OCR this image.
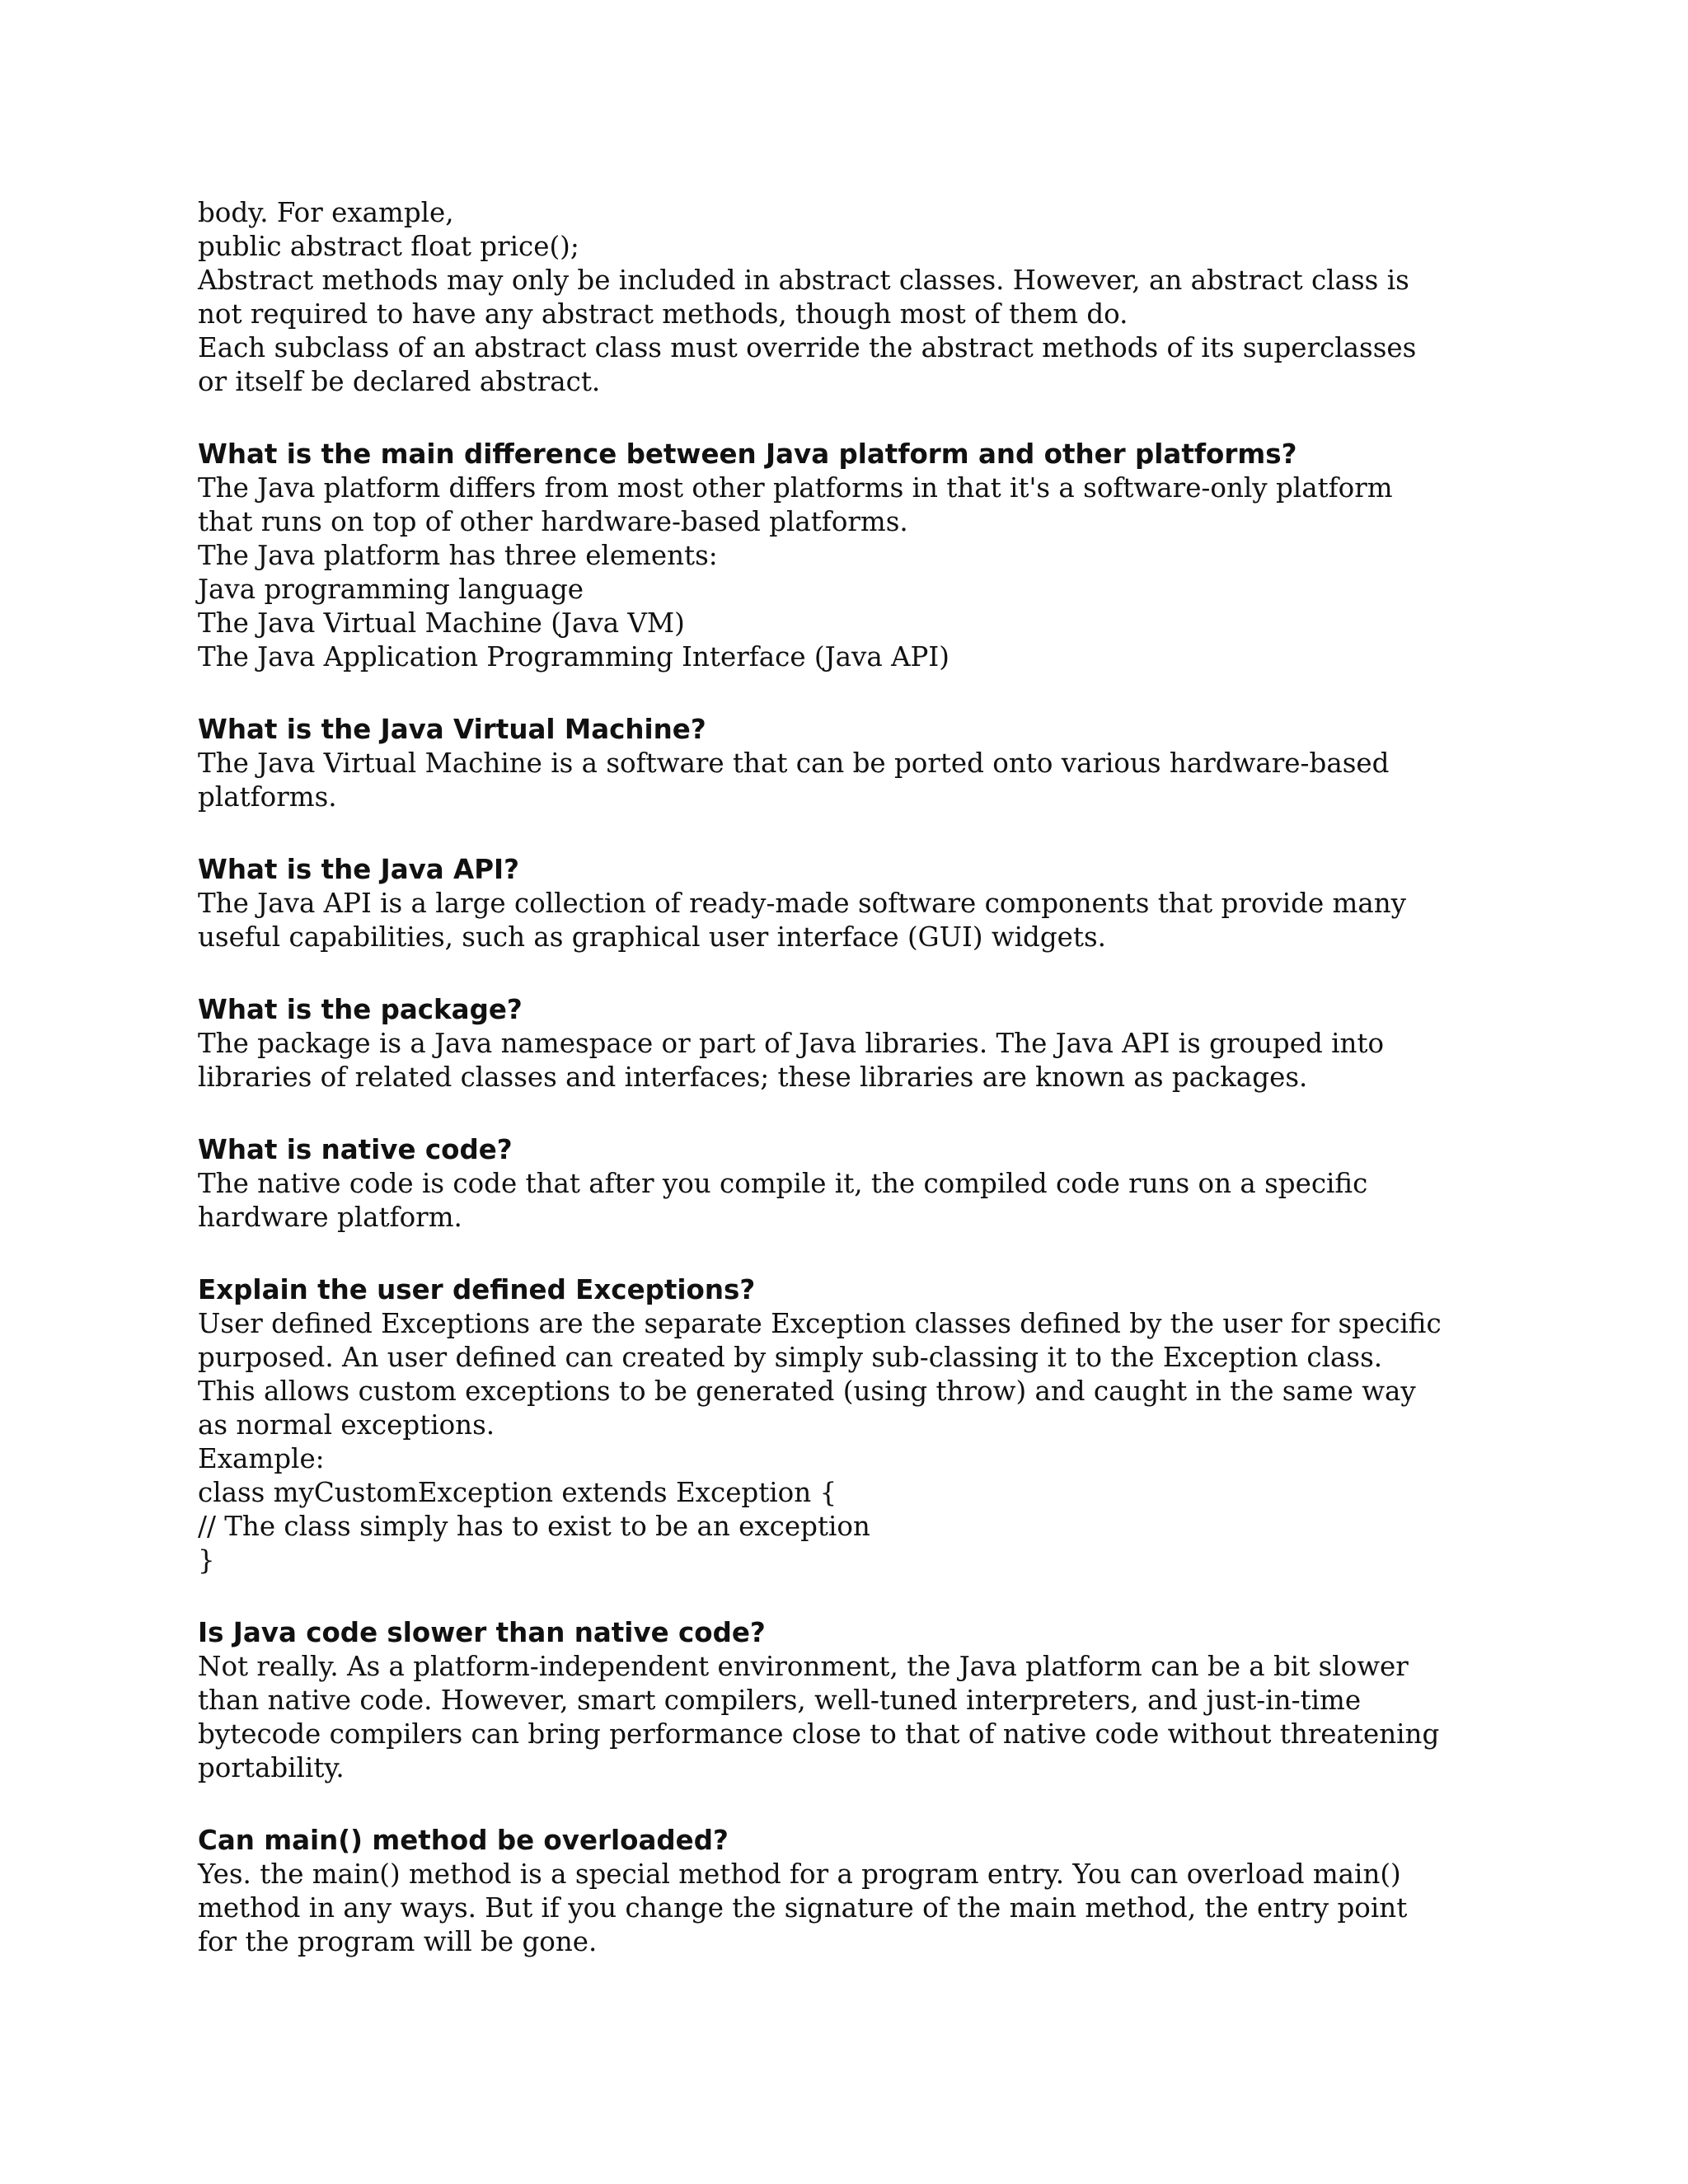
body. For example,

public abstract float price();

Abstract methods may only be included in abstract classes. However, an abstract class is

not required to have any abstract methods, though most of them do.

Each subclass of an abstract class must override the abstract methods of its superclasses

or itself be declared abstract.

What is the main difference between Java platform and other platforms?

The Java platform differs from most other platforms in that it's a software-only platform

that runs on top of other hardware-based platforms.

The Java platform has three elements:

Java programming language

The Java Virtual Machine (Java VM)

The Java Application Programming Interface (Java API)

What is the Java Virtual Machine?

The Java Virtual Machine is a software that can be ported onto various hardware-based

platforms.

What is the Java API?

The Java API is a large collection of ready-made software components that provide many

useful capabilities, such as graphical user interface (GUI) widgets.

What is the package?

The package is a Java namespace or part of Java libraries. The Java API is grouped into

libraries of related classes and interfaces; these libraries are known as packages.

What is native code?

The native code is code that after you compile it, the compiled code runs on a specific

hardware platform.

Explain the user defined Exceptions?

User defined Exceptions are the separate Exception classes defined by the user for specific

purposed. An user defined can created by simply sub-classing it to the Exception class.

This allows custom exceptions to be generated (using throw) and caught in the same way

as normal exceptions.

Example:

class myCustomException extends Exception {

// The class simply has to exist to be an exception

}

Is Java code slower than native code?

Not really. As a platform-independent environment, the Java platform can be a bit slower

than native code. However, smart compilers, well-tuned interpreters, and just-in-time

bytecode compilers can bring performance close to that of native code without threatening

portability.

Can main() method be overloaded?

Yes. the main() method is a special method for a program entry. You can overload main()

method in any ways. But if you change the signature of the main method, the entry point

for the program will be gone.
